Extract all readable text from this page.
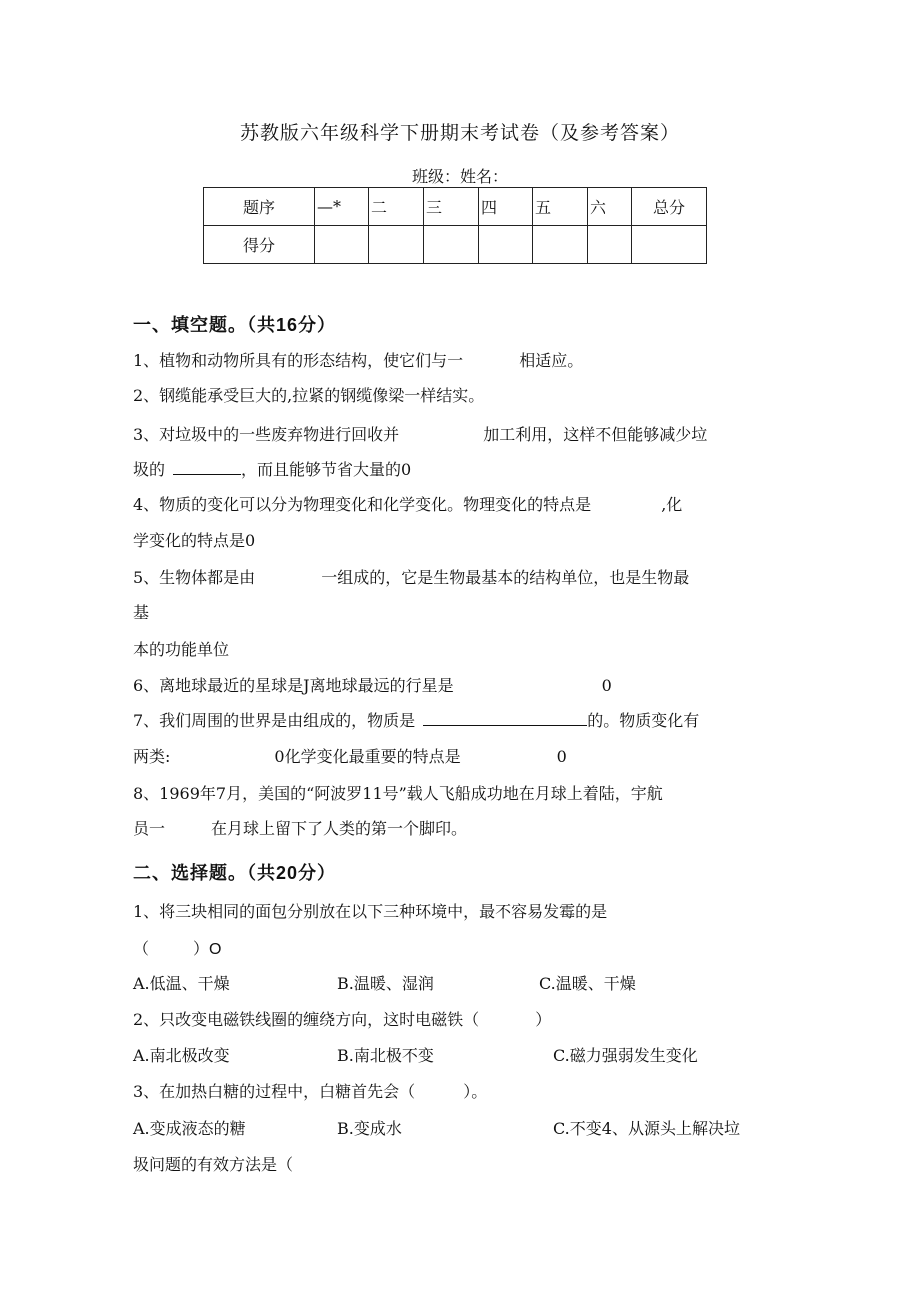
苏教版六年级科学下册期末考试卷（及参考答案）
班级：姓名：
题序	—*	二	三	四	五	六	总分
得分							
一、填空题。（共16分）
1、植物和动物所具有的形态结构，使它们与一	相适应。
2、钢缆能承受巨大的,拉紧的钢缆像梁一样结实。
3、对垃圾中的一些废弃物进行回收并	加工利用，这样不但能够减少垃
圾的	，而且能够节省大量的0
4、物质的变化可以分为物理变化和化学变化。物理变化的特点是	,化
学变化的特点是0
5、生物体都是由	一组成的，它是生物最基本的结构单位，也是生物最
基
本的功能单位
6、离地球最近的星球是J离地球最远的行星是	0
7、我们周围的世界是由组成的，物质是	的。物质变化有
两类:	0化学变化最重要的特点是	0
8、1969年7月，美国的“阿波罗11号”载人飞船成功地在月球上着陆，宇航
员一	在月球上留下了人类的第一个脚印。
二、选择题。（共20分）
1、将三块相同的面包分别放在以下三种环境中，最不容易发霉的是
（	）O
A.低温、干燥	B.温暖、湿润	C.温暖、干燥
2、只改变电磁铁线圈的缠绕方向，这时电磁铁（	）
A.南北极改变	B.南北极不变	C.磁力强弱发生变化
3、在加热白糖的过程中，白糖首先会（	）。
A.变成液态的糖	B.变成水	C.不变4、从源头上解决垃
圾问题的有效方法是（
